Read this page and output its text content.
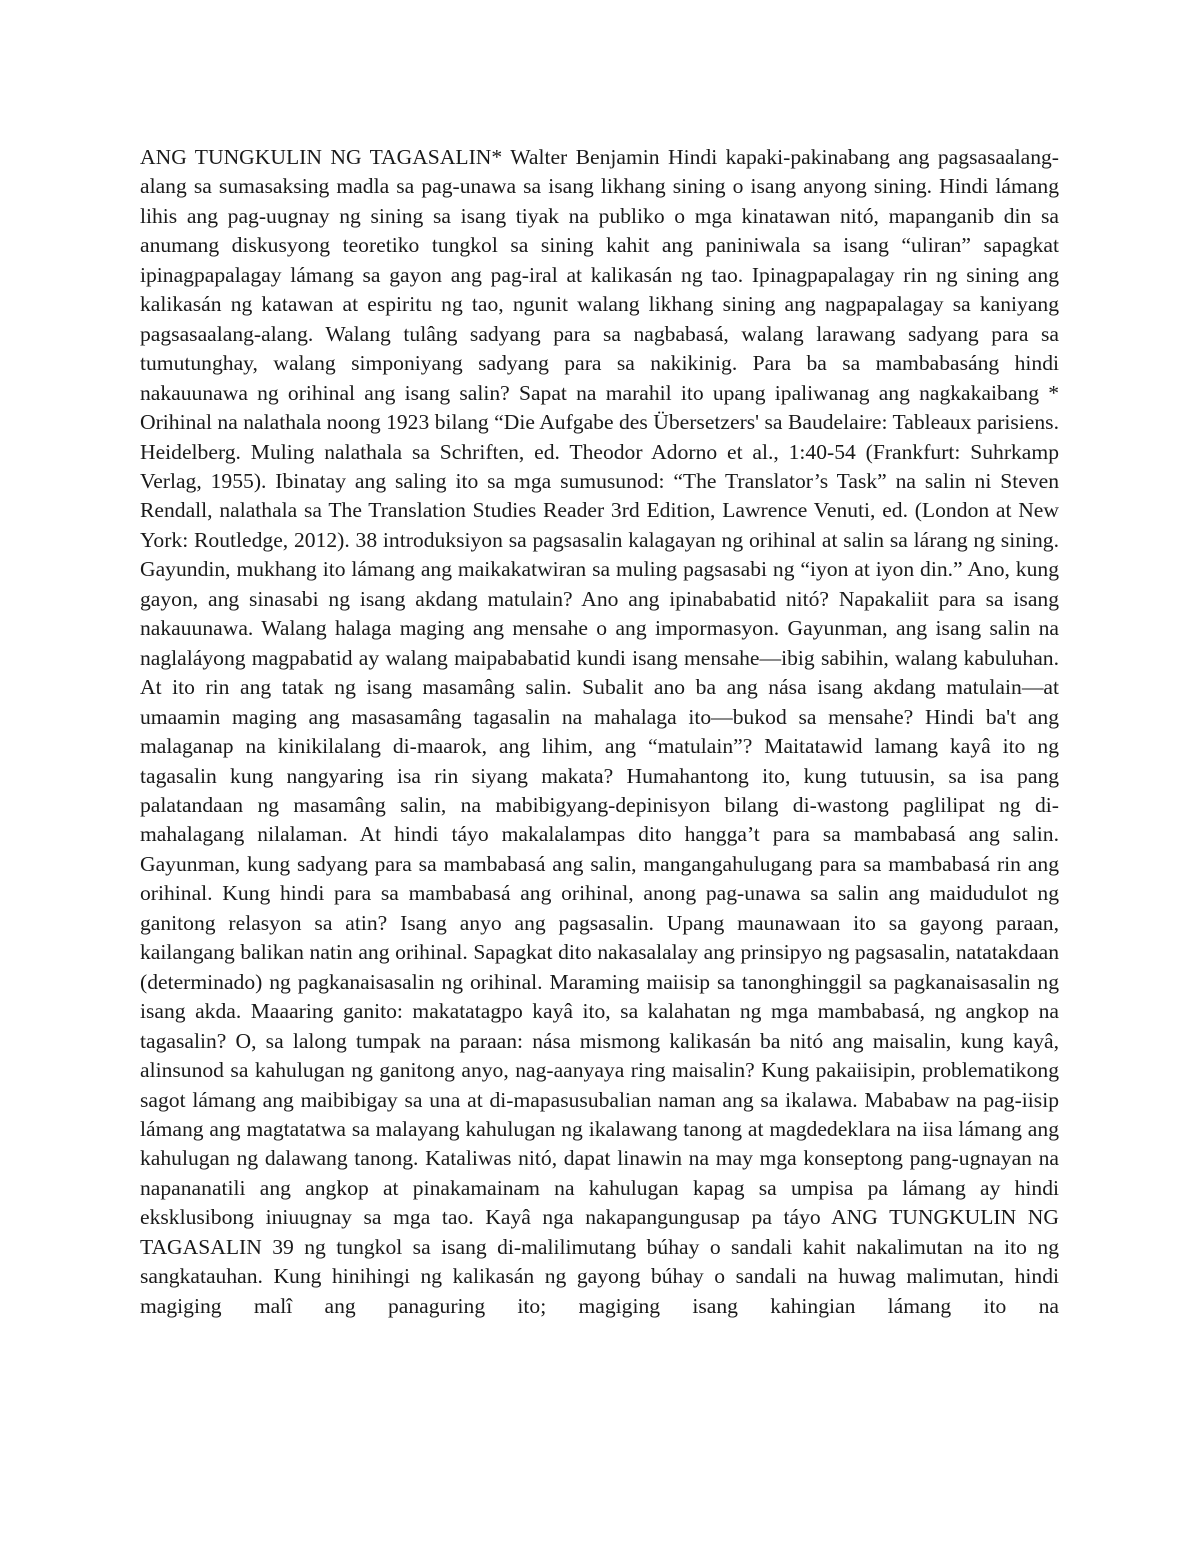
ANG TUNGKULIN NG TAGASALIN* Walter Benjamin Hindi kapaki-pakinabang ang pagsasaalang-alang sa sumasaksing madla sa pag-unawa sa isang likhang sining o isang anyong sining. Hindi lámang lihis ang pag-uugnay ng sining sa isang tiyak na publiko o mga kinatawan nitó, mapanganib din sa anumang diskusyong teoretiko tungkol sa sining kahit ang paniniwala sa isang “uliran” sapagkat ipinagpapalagay lámang sa gayon ang pag-iral at kalikasán ng tao. Ipinagpapalagay rin ng sining ang kalikasán ng katawan at espiritu ng tao, ngunit walang likhang sining ang nagpapalagay sa kaniyang pagsasaalang-alang. Walang tulâng sadyang para sa nagbabasá, walang larawang sadyang para sa tumutunghay, walang simponiyang sadyang para sa nakikinig. Para ba sa mambabasáng hindi nakauunawa ng orihinal ang isang salin? Sapat na marahil ito upang ipaliwanag ang nagkakaibang * Orihinal na nalathala noong 1923 bilang “Die Aufgabe des Übersetzers' sa Baudelaire: Tableaux parisiens. Heidelberg. Muling nalathala sa Schriften, ed. Theodor Adorno et al., 1:40-54 (Frankfurt: Suhrkamp Verlag, 1955). Ibinatay ang saling ito sa mga sumusunod: “The Translator’s Task” na salin ni Steven Rendall, nalathala sa The Translation Studies Reader 3rd Edition, Lawrence Venuti, ed. (London at New York: Routledge, 2012). 38 introduksiyon sa pagsasalin kalagayan ng orihinal at salin sa lárang ng sining. Gayundin, mukhang ito lámang ang maikakatwiran sa muling pagsasabi ng “iyon at iyon din.” Ano, kung gayon, ang sinasabi ng isang akdang matulain? Ano ang ipinababatid nitó? Napakaliit para sa isang nakauunawa. Walang halaga maging ang mensahe o ang impormasyon. Gayunman, ang isang salin na naglaláyong magpabatid ay walang maipababatid kundi isang mensahe—ibig sabihin, walang kabuluhan. At ito rin ang tatak ng isang masamâng salin. Subalit ano ba ang nása isang akdang matulain—at umaamin maging ang masasamâng tagasalin na mahalaga ito—bukod sa mensahe? Hindi ba't ang malaganap na kinikilalang di-maarok, ang lihim, ang “matulain”? Maitatawid lamang kayâ ito ng tagasalin kung nangyaring isa rin siyang makata? Humahantong ito, kung tutuusin, sa isa pang palatandaan ng masamâng salin, na mabibigyang-depinisyon bilang di-wastong paglilipat ng di-mahalagang nilalaman. At hindi táyo makalalampas dito hangga’t para sa mambabasá ang salin. Gayunman, kung sadyang para sa mambabasá ang salin, mangangahulugang para sa mambabasá rin ang orihinal. Kung hindi para sa mambabasá ang orihinal, anong pag-unawa sa salin ang maidudulot ng ganitong relasyon sa atin? Isang anyo ang pagsasalin. Upang maunawaan ito sa gayong paraan, kailangang balikan natin ang orihinal. Sapagkat dito nakasalalay ang prinsipyo ng pagsasalin, natatakdaan (determinado) ng pagkanaisasalin ng orihinal. Maraming maiisip sa tanonghinggil sa pagkanaisasalin ng isang akda. Maaaring ganito: makatatagpo kayâ ito, sa kalahatan ng mga mambabasá, ng angkop na tagasalin? O, sa lalong tumpak na paraan: nása mismong kalikasán ba nitó ang maisalin, kung kayâ, alinsunod sa kahulugan ng ganitong anyo, nag-aanyaya ring maisalin? Kung pakaiisipin, problematikong sagot lámang ang maibibigay sa una at di-mapasusubalian naman ang sa ikalawa. Mababaw na pag-iisip lámang ang magtatatwa sa malayang kahulugan ng ikalawang tanong at magdedeklara na iisa lámang ang kahulugan ng dalawang tanong. Kataliwas nitó, dapat linawin na may mga konseptong pang-ugnayan na napananatili ang angkop at pinakamainam na kahulugan kapag sa umpisa pa lámang ay hindi eksklusibong iniuugnay sa mga tao. Kayâ nga nakapangungusap pa táyo ANG TUNGKULIN NG TAGASALIN 39 ng tungkol sa isang di-malilimutang búhay o sandali kahit nakalimutan na ito ng sangkatauhan. Kung hinihingi ng kalikasán ng gayong búhay o sandali na huwag malimutan, hindi magiging malî ang panaguring ito; magiging isang kahingian lámang ito na
